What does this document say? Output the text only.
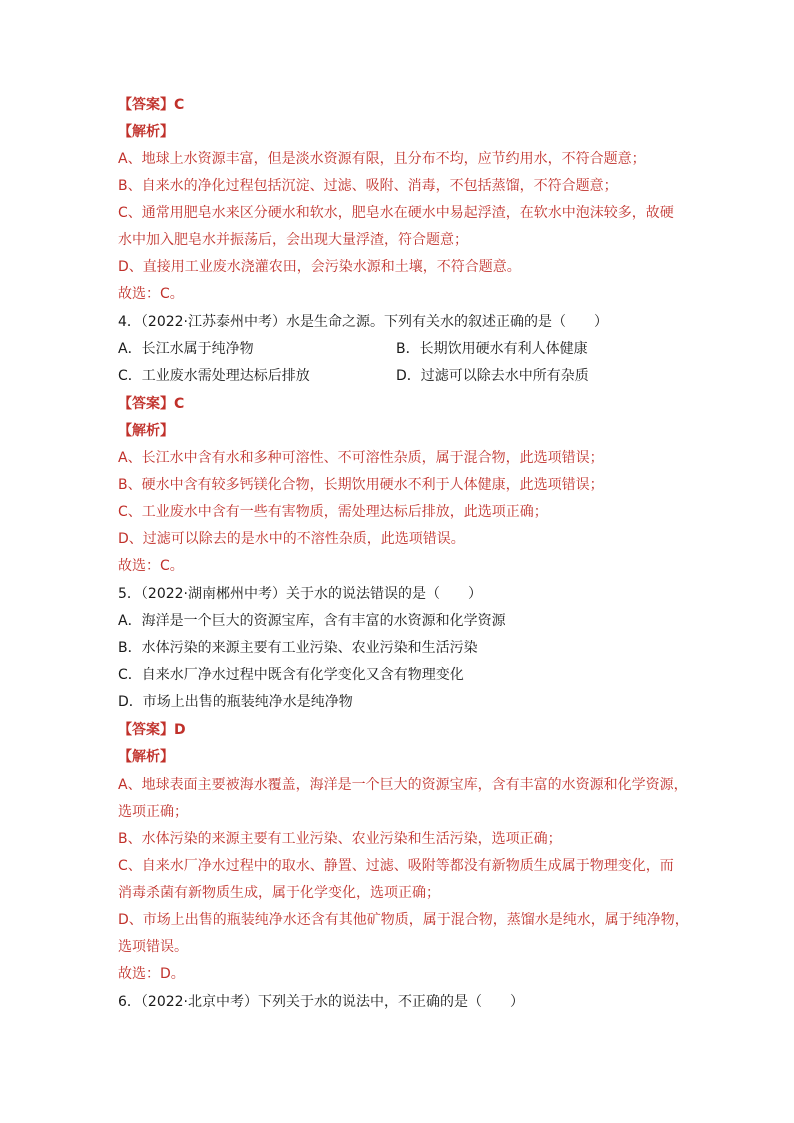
【答案】C
【解析】
A、地球上水资源丰富，但是淡水资源有限，且分布不均，应节约用水，不符合题意；
B、自来水的净化过程包括沉淀、过滤、吸附、消毒，不包括蒸馏，不符合题意；
C、通常用肥皂水来区分硬水和软水，肥皂水在硬水中易起浮渣，在软水中泡沫较多，故硬
水中加入肥皂水并振荡后，会出现大量浮渣，符合题意；
D、直接用工业废水浇灌农田，会污染水源和土壤，不符合题意。
故选：C。
4．（2022·江苏泰州中考）水是生命之源。下列有关水的叙述正确的是（　　）
A．长江水属于纯净物	B．长期饮用硬水有利人体健康
C．工业废水需处理达标后排放	D．过滤可以除去水中所有杂质
【答案】C
【解析】
A、长江水中含有水和多种可溶性、不可溶性杂质，属于混合物，此选项错误；
B、硬水中含有较多钙镁化合物，长期饮用硬水不利于人体健康，此选项错误；
C、工业废水中含有一些有害物质，需处理达标后排放，此选项正确；
D、过滤可以除去的是水中的不溶性杂质，此选项错误。
故选：C。
5．（2022·湖南郴州中考）关于水的说法错误的是（　　）
A．海洋是一个巨大的资源宝库，含有丰富的水资源和化学资源
B．水体污染的来源主要有工业污染、农业污染和生活污染
C．自来水厂净水过程中既含有化学变化又含有物理变化
D．市场上出售的瓶装纯净水是纯净物
【答案】D
【解析】
A、地球表面主要被海水覆盖，海洋是一个巨大的资源宝库，含有丰富的水资源和化学资源，
选项正确；
B、水体污染的来源主要有工业污染、农业污染和生活污染，选项正确；
C、自来水厂净水过程中的取水、静置、过滤、吸附等都没有新物质生成属于物理变化，而
消毒杀菌有新物质生成，属于化学变化，选项正确；
D、市场上出售的瓶装纯净水还含有其他矿物质，属于混合物，蒸馏水是纯水，属于纯净物，
选项错误。
故选：D。
6．（2022·北京中考）下列关于水的说法中，不正确的是（　　）
